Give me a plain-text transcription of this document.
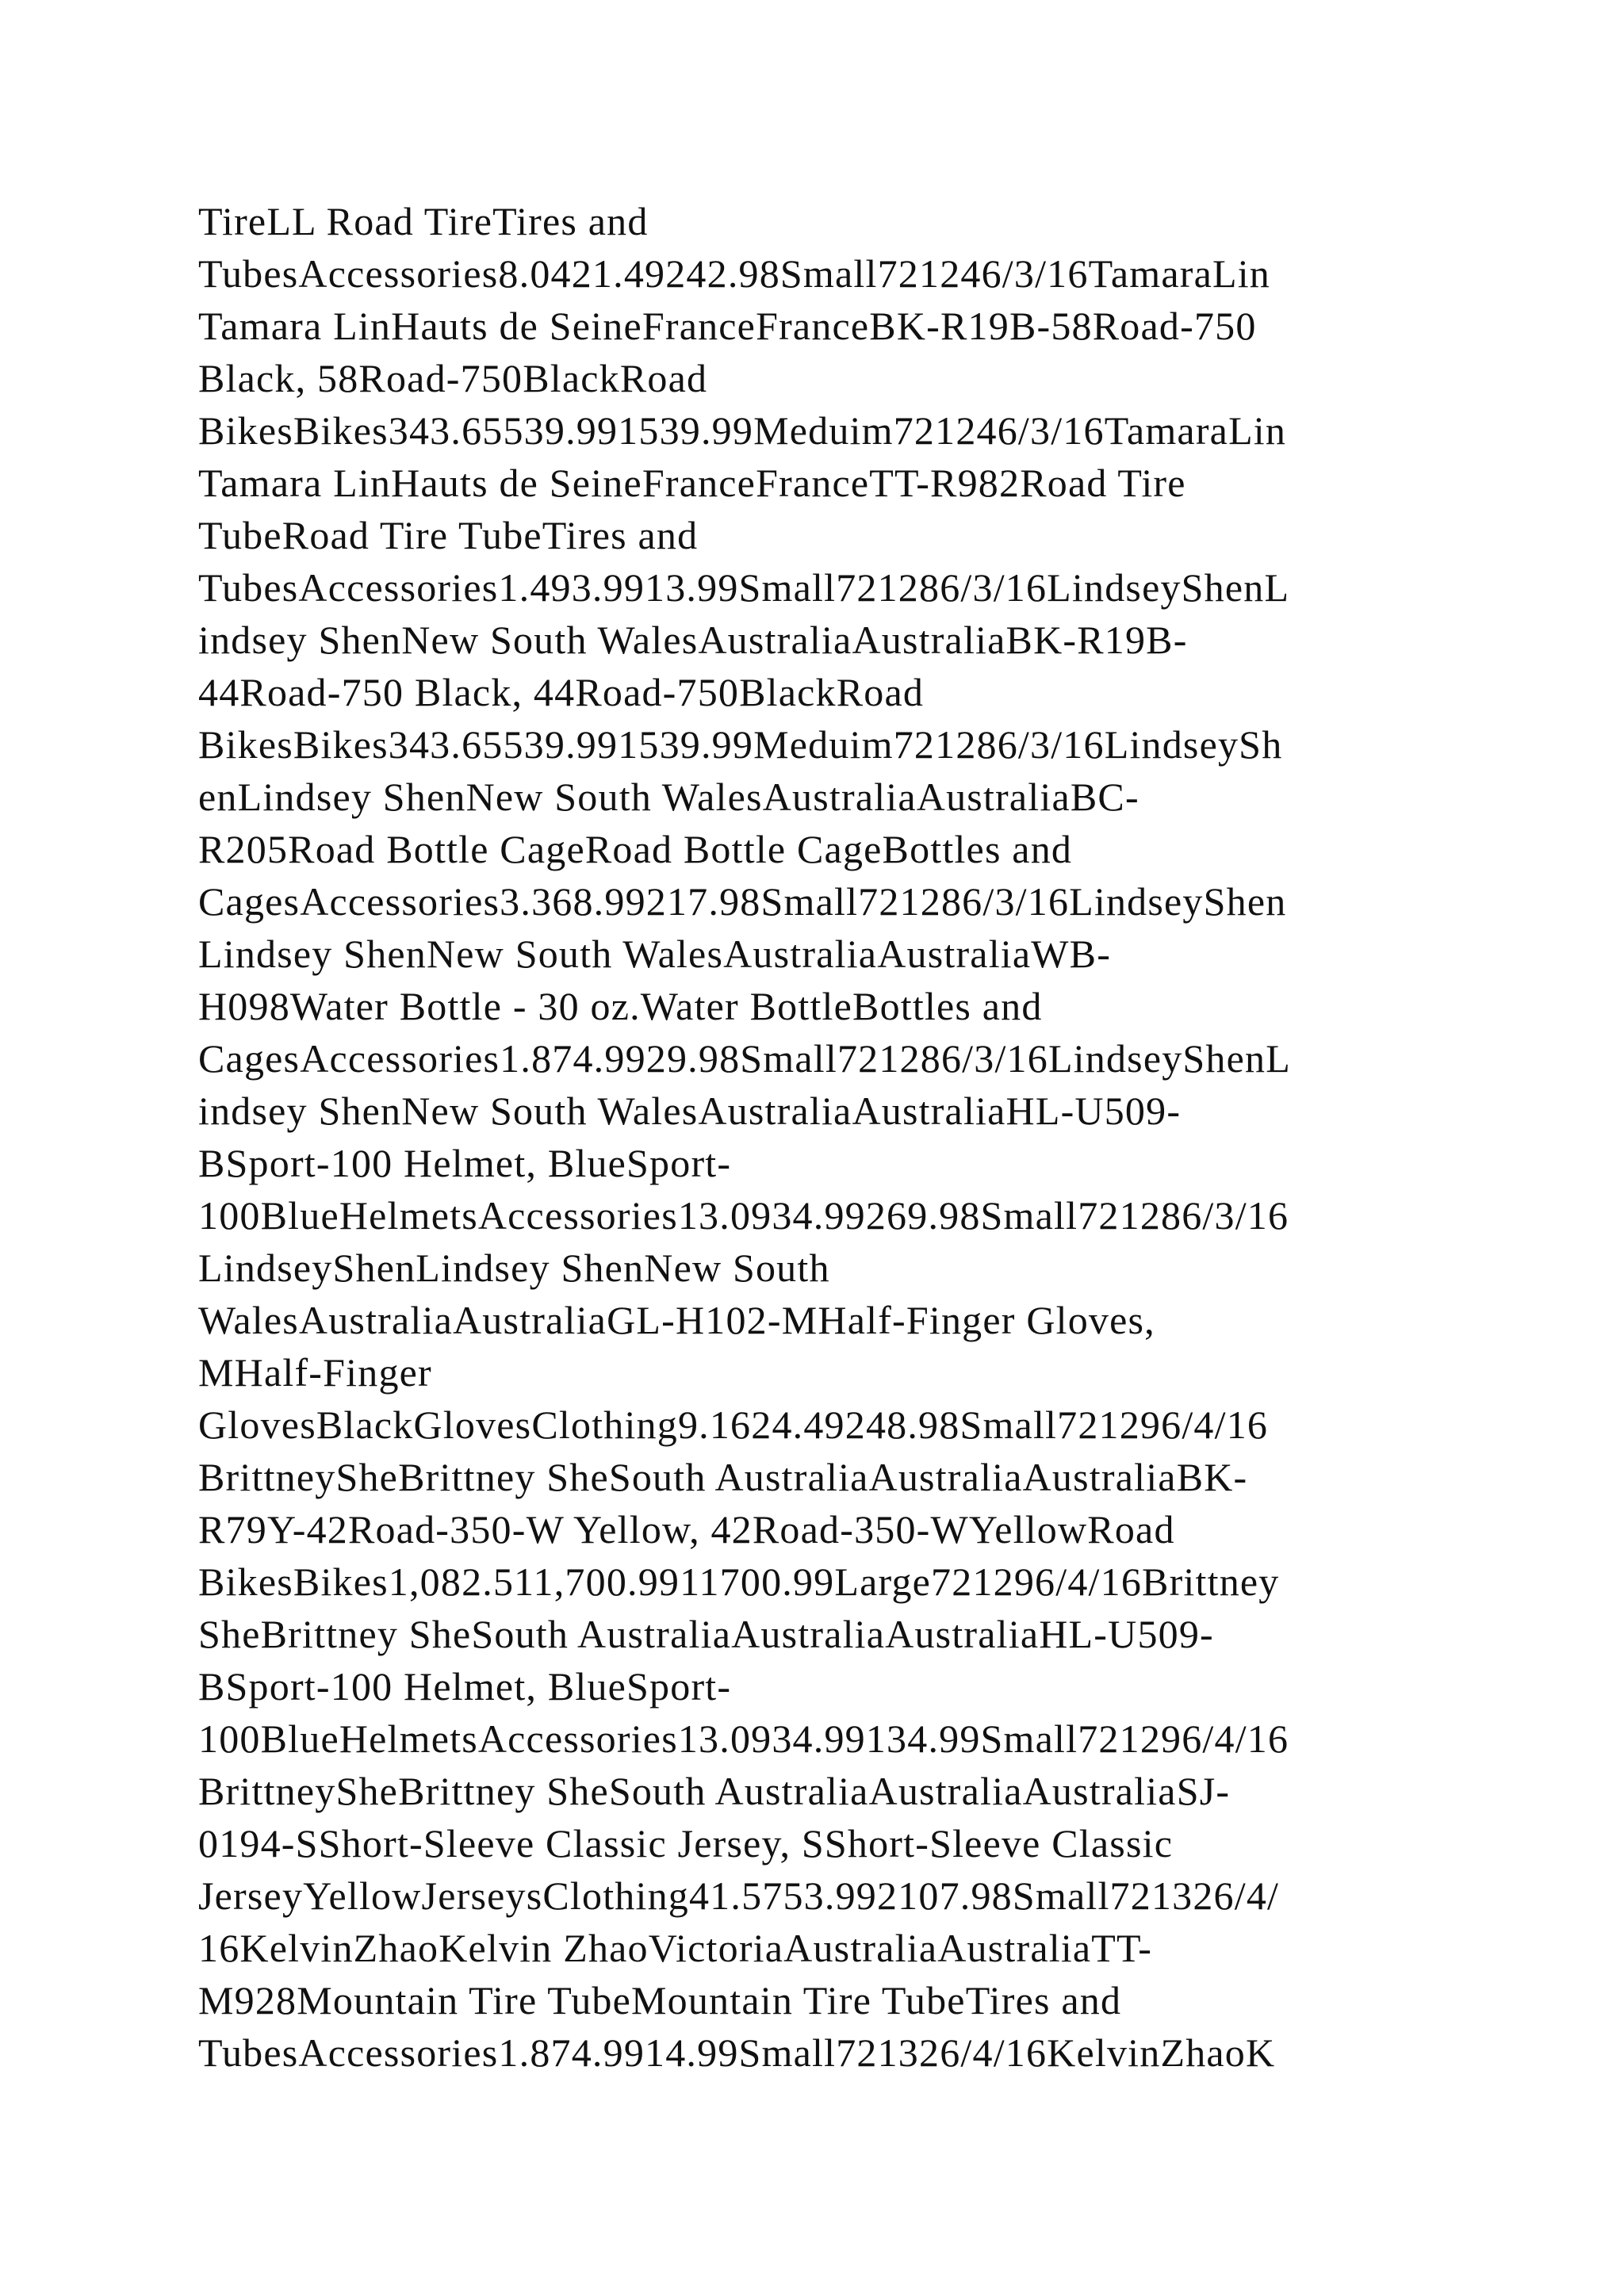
TireLL Road TireTires and
TubesAccessories8.0421.49242.98Small721246/3/16TamaraLin
Tamara LinHauts de SeineFranceFranceBK-R19B-58Road-750
Black, 58Road-750BlackRoad
BikesBikes343.65539.991539.99Meduim721246/3/16TamaraLin
Tamara LinHauts de SeineFranceFranceTT-R982Road Tire
TubeRoad Tire TubeTires and
TubesAccessories1.493.9913.99Small721286/3/16LindseyShenL
indsey ShenNew South WalesAustraliaAustraliaBK-R19B-
44Road-750 Black, 44Road-750BlackRoad
BikesBikes343.65539.991539.99Meduim721286/3/16LindseySh
enLindsey ShenNew South WalesAustraliaAustraliaBC-
R205Road Bottle CageRoad Bottle CageBottles and
CagesAccessories3.368.99217.98Small721286/3/16LindseyShen
Lindsey ShenNew South WalesAustraliaAustraliaWB-
H098Water Bottle - 30 oz.Water BottleBottles and
CagesAccessories1.874.9929.98Small721286/3/16LindseyShenL
indsey ShenNew South WalesAustraliaAustraliaHL-U509-
BSport-100 Helmet, BlueSport-
100BlueHelmetsAccessories13.0934.99269.98Small721286/3/16
LindseyShenLindsey ShenNew South
WalesAustraliaAustraliaGL-H102-MHalf-Finger Gloves,
MHalf-Finger
GlovesBlackGlovesClothing9.1624.49248.98Small721296/4/16
BrittneySheBrittney SheSouth AustraliaAustraliaAustraliaBK-
R79Y-42Road-350-W Yellow, 42Road-350-WYellowRoad
BikesBikes1,082.511,700.9911700.99Large721296/4/16Brittney
SheBrittney SheSouth AustraliaAustraliaAustraliaHL-U509-
BSport-100 Helmet, BlueSport-
100BlueHelmetsAccessories13.0934.99134.99Small721296/4/16
BrittneySheBrittney SheSouth AustraliaAustraliaAustraliaSJ-
0194-SShort-Sleeve Classic Jersey, SShort-Sleeve Classic
JerseyYellowJerseysClothing41.5753.992107.98Small721326/4/
16KelvinZhaoKelvin ZhaoVictoriaAustraliaAustraliaTT-
M928Mountain Tire TubeMountain Tire TubeTires and
TubesAccessories1.874.9914.99Small721326/4/16KelvinZhaoK
